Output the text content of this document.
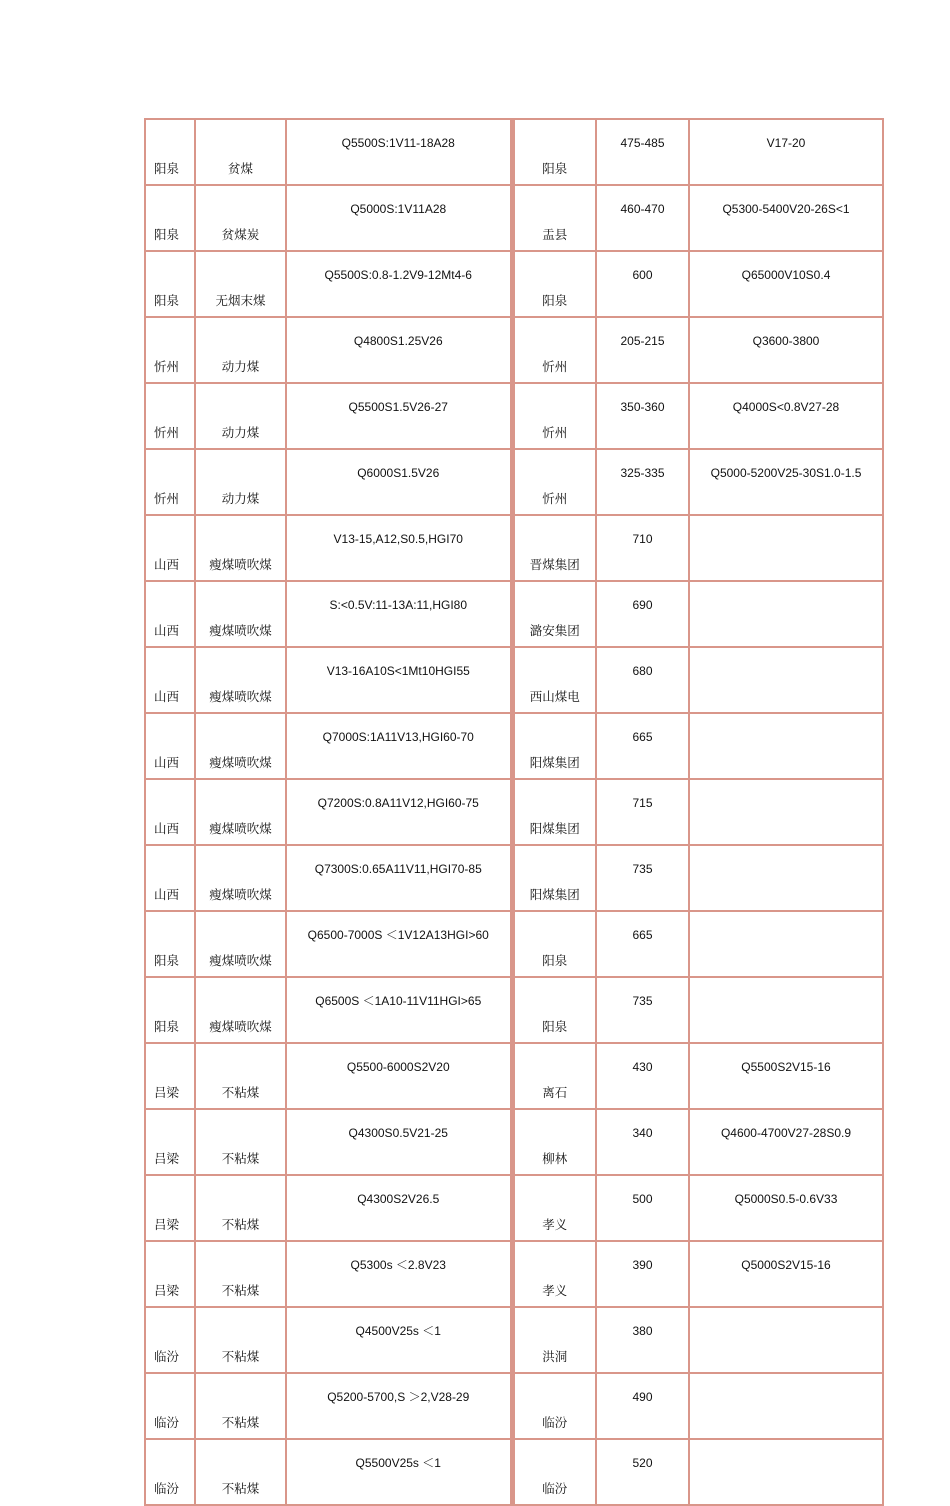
阳泉	贫煤	Q5500S:1V11-18A28	阳泉	475-485	V17-20
阳泉	贫煤炭	Q5000S:1V11A28	盂县	460-470	Q5300-5400V20-26S<1
阳泉	无烟末煤	Q5500S:0.8-1.2V9-12Mt4-6	阳泉	600	Q65000V10S0.4
忻州	动力煤	Q4800S1.25V26	忻州	205-215	Q3600-3800
忻州	动力煤	Q5500S1.5V26-27	忻州	350-360	Q4000S<0.8V27-28
忻州	动力煤	Q6000S1.5V26	忻州	325-335	Q5000-5200V25-30S1.0-1.5
山西	瘦煤喷吹煤	V13-15,A12,S0.5,HGI70	晋煤集团	710	
山西	瘦煤喷吹煤	S:<0.5V:11-13A:11,HGI80	潞安集团	690	
山西	瘦煤喷吹煤	V13-16A10S<1Mt10HGI55	西山煤电	680	
山西	瘦煤喷吹煤	Q7000S:1A11V13,HGI60-70	阳煤集团	665	
山西	瘦煤喷吹煤	Q7200S:0.8A11V12,HGI60-75	阳煤集团	715	
山西	瘦煤喷吹煤	Q7300S:0.65A11V11,HGI70-85	阳煤集团	735	
阳泉	瘦煤喷吹煤	Q6500-7000S ＜1V12A13HGI>60	阳泉	665	
阳泉	瘦煤喷吹煤	Q6500S ＜1A10-11V11HGI>65	阳泉	735	
吕梁	不粘煤	Q5500-6000S2V20	离石	430	Q5500S2V15-16
吕梁	不粘煤	Q4300S0.5V21-25	柳林	340	Q4600-4700V27-28S0.9
吕梁	不粘煤	Q4300S2V26.5	孝义	500	Q5000S0.5-0.6V33
吕梁	不粘煤	Q5300s ＜2.8V23	孝义	390	Q5000S2V15-16
临汾	不粘煤	Q4500V25s ＜1	洪洞	380	
临汾	不粘煤	Q5200-5700,S ＞2,V28-29	临汾	490	
临汾	不粘煤	Q5500V25s ＜1	临汾	520	
